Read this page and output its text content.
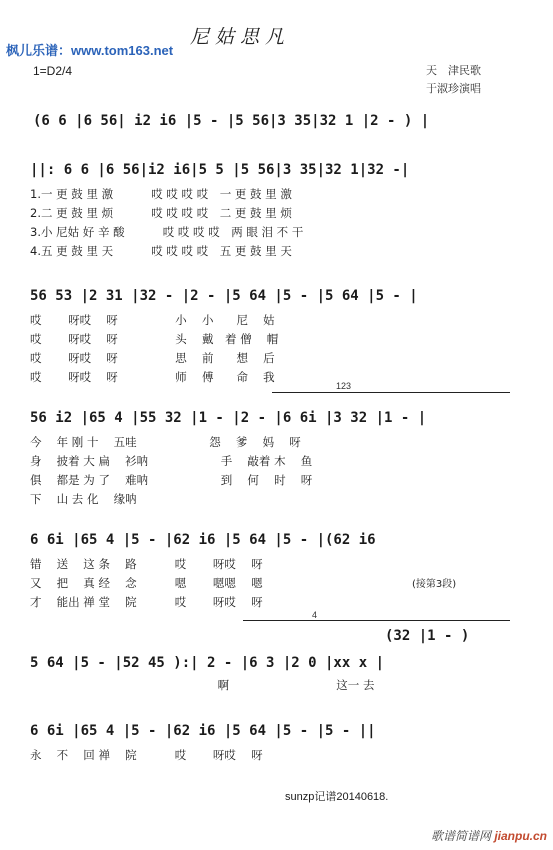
尼姑思凡
枫儿乐谱：www.tom163.net
1=D2/4	天　津民歌
于淑珍演唱
(6 6 |6 56| i2 i6 |5 - |5 56|3 35|32 1 |2 - ) |
||: 6 6 |6 56|i2 i6|5 5 |5 56|3 35|32 1|32 -|
1.一 更 鼓 里 激　　　 哎 哎 哎 哎　一 更 鼓 里 激
2.二 更 鼓 里 烦　　　 哎 哎 哎 哎　二 更 鼓 里 烦
3.小 尼姑 好 辛 酸　　　 哎 哎 哎 哎　两 眼 泪 不 干
4.五 更 鼓 里 天　　　 哎 哎 哎 哎　五 更 鼓 里 天
56 53 |2 31 |32 - |2 - |5 64 |5 - |5 64 |5 - |
哎　　 呀哎　 呀　　　　　小　 小　　尼　 姑
哎　　 呀哎　 呀　　　　　头　 戴　着 僧　 帽
哎　　 呀哎　 呀　　　　　思　 前　　想　 后
哎　　 呀哎　 呀　　　　　师　 傅　　命　 我
123
56 i2 |65 4 |55 32 |1 - |2 - |6 6i |3 32 |1 - |
今　 年 刚 十　 五哇　　　　　　 怨　 爹　 妈　 呀
身　 披着 大 扁　 衫呐　　　　　　 手　 敲着 木　 鱼
俱　 都是 为 了　 难呐　　　　　　 到　 何　 时　 呀
下　 山 去 化　 缘呐
6 6i |65 4 |5 - |62 i6 |5 64 |5 - |(62 i6
错　 送　 这 条　 路　　　 哎　　 呀哎　 呀
又　 把　 真 经　 念　　　 嗯　　 嗯嗯　 嗯
才　 能出 禅 堂　 院　　　 哎　　 呀哎　 呀
(接第3段)
4
(32 |1 - )
5 64 |5 - |52 45 ):| 2 - |6 3 |2 0 |xx x |
　　　　　　　　　　　　　　　　 啊　　　　　　　　　 这一 去
6 6i |65 4 |5 - |62 i6 |5 64 |5 - |5 - ||
永　 不　 回 禅　 院　　　 哎　　 呀哎　 呀
sunzp记谱20140618.
歌谱简谱网 jianpu.cn
